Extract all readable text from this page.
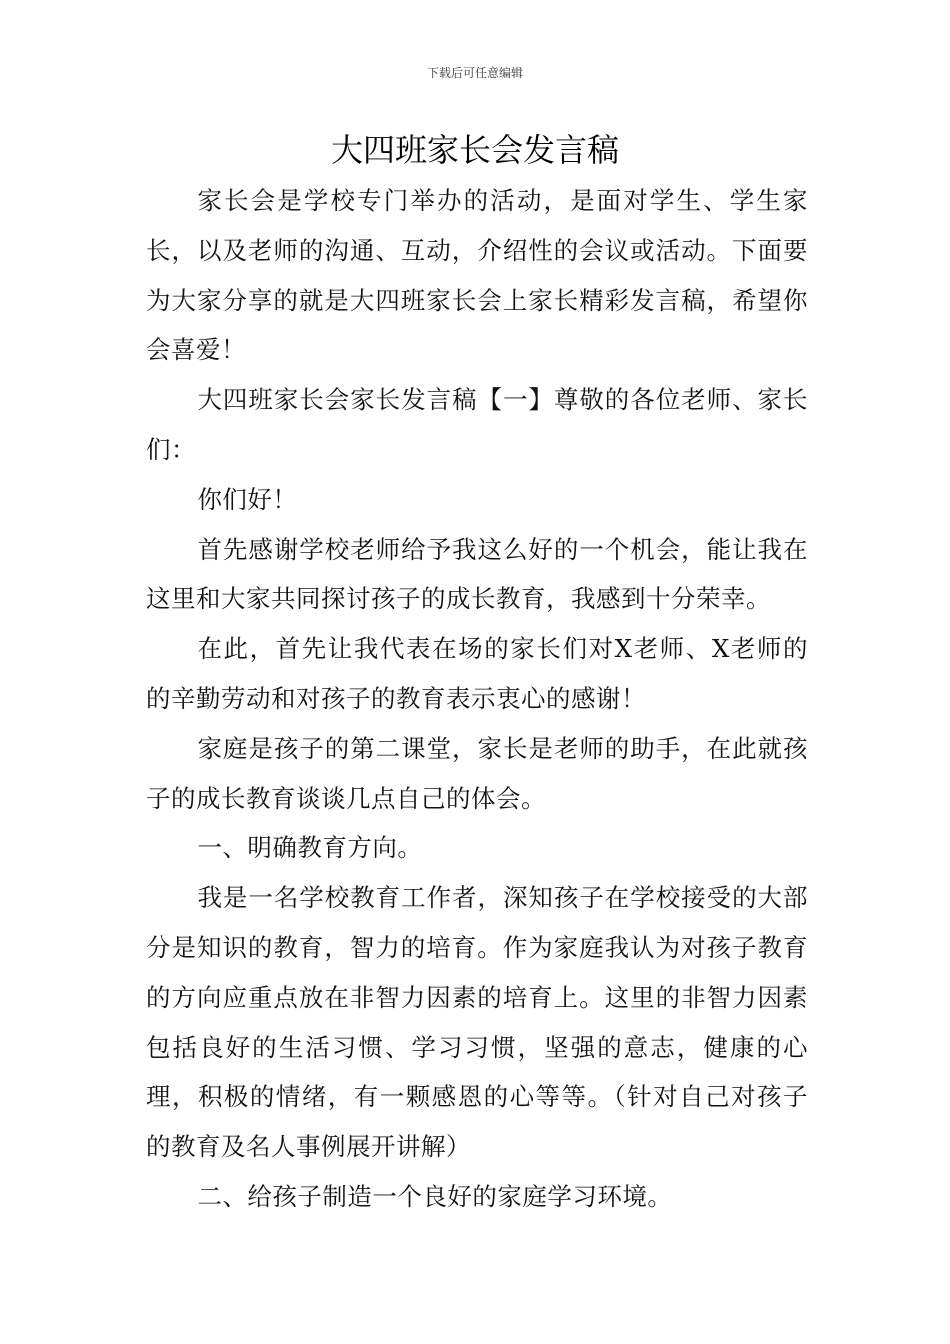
下载后可任意编辑
大四班家长会发言稿

家长会是学校专门举办的活动，是面对学生、学生家长，以及老师的沟通、互动，介绍性的会议或活动。下面要为大家分享的就是大四班家长会上家长精彩发言稿，希望你会喜爱！

大四班家长会家长发言稿【一】尊敬的各位老师、家长们：

你们好！

首先感谢学校老师给予我这么好的一个机会，能让我在这里和大家共同探讨孩子的成长教育，我感到十分荣幸。

在此，首先让我代表在场的家长们对X老师、X老师的的辛勤劳动和对孩子的教育表示衷心的感谢！

家庭是孩子的第二课堂，家长是老师的助手，在此就孩子的成长教育谈谈几点自己的体会。

一、明确教育方向。

我是一名学校教育工作者，深知孩子在学校接受的大部分是知识的教育，智力的培育。作为家庭我认为对孩子教育的方向应重点放在非智力因素的培育上。这里的非智力因素包括良好的生活习惯、学习习惯，坚强的意志，健康的心理，积极的情绪，有一颗感恩的心等等。（针对自己对孩子的教育及名人事例展开讲解）

二、给孩子制造一个良好的家庭学习环境。
